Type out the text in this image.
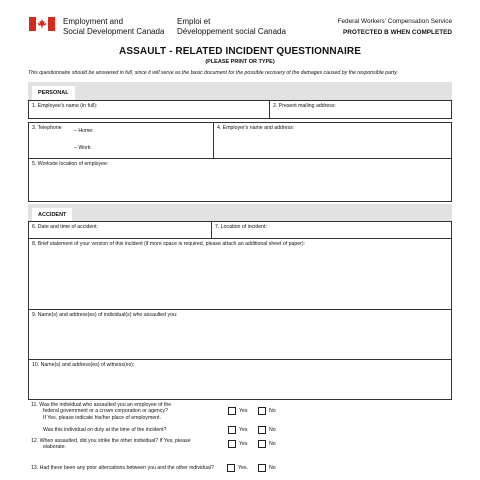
Employment and
Social Development Canada
Emploi et
Développement social Canada
Federal Workers' Compensation Service
PROTECTED B WHEN COMPLETED
ASSAULT - RELATED INCIDENT QUESTIONNAIRE
(PLEASE PRINT OR TYPE)
This questionnaire should be answered in full, since it will serve as the basic document for the possible recovery of the damages caused by the responsible party.
PERSONAL
1. Employee's name (in full):	2. Present mailing address:
3. Telephone	– Home:
– Work:
4. Employer's name and address:
5. Worksite location of employee:
ACCIDENT
6. Date and time of accident:	7. Location of incident:
8. Brief statement of your version of this incident (if more space is required, please attach an additional sheet of paper):
9. Name(s) and address(es) of individual(s) who assaulted you:
10. Name(s) and address(es) of witness(es):
11. Was the individual who assaulted you an employee of the
federal government or a crown corporation or agency?
If Yes, please indicate his/her place of employment.
Yes	No
Was this individual on duty at the time of the incident?	Yes	No
12. When assaulted, did you strike the other individual? If Yes, please
elaborate.
Yes	No
13. Had there been any prior altercations between you and the other individual?	Yes.	No
